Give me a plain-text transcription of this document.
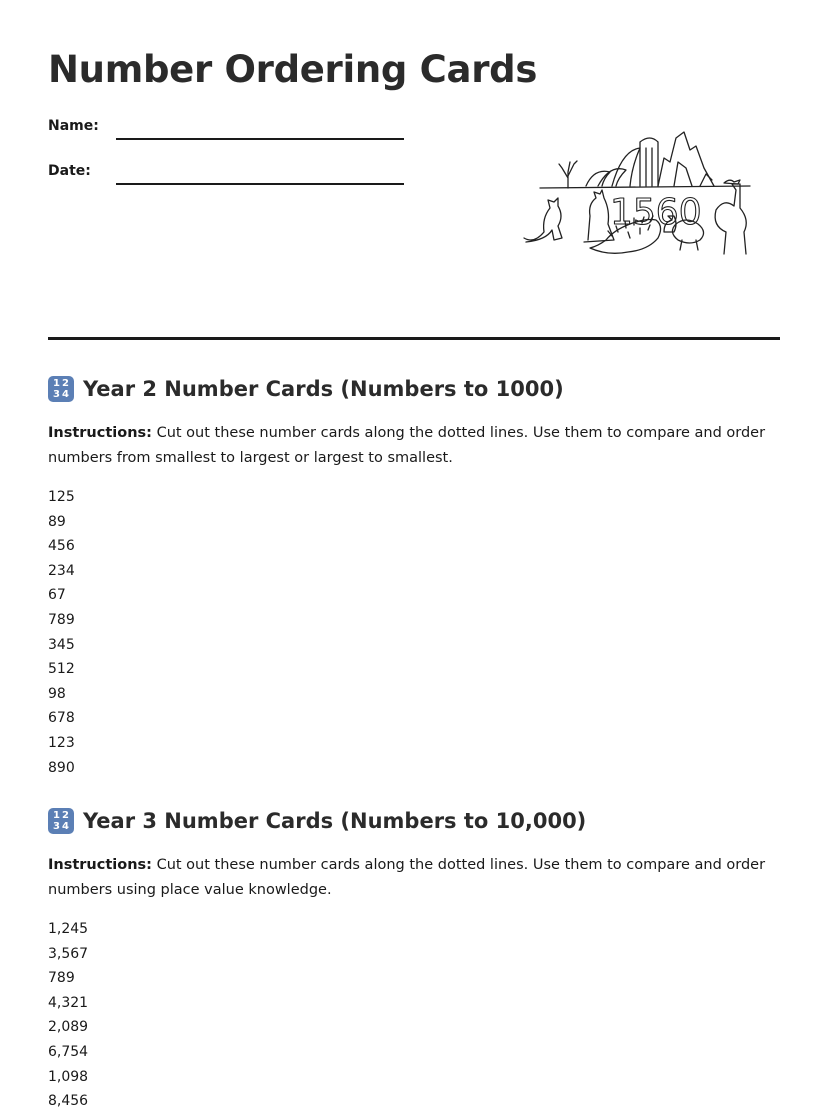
Number Ordering Cards
Name:
Date:
1560
1 2
3 4 Year 2 Number Cards (Numbers to 1000)

Instructions: Cut out these number cards along the dotted lines. Use them to compare and order numbers from smallest to largest or largest to smallest.

125
89
456
234
67
789
345
512
98
678
123
890
1 2
3 4 Year 3 Number Cards (Numbers to 10,000)

Instructions: Cut out these number cards along the dotted lines. Use them to compare and order numbers using place value knowledge.

1,245
3,567
789
4,321
2,089
6,754
1,098
8,456
